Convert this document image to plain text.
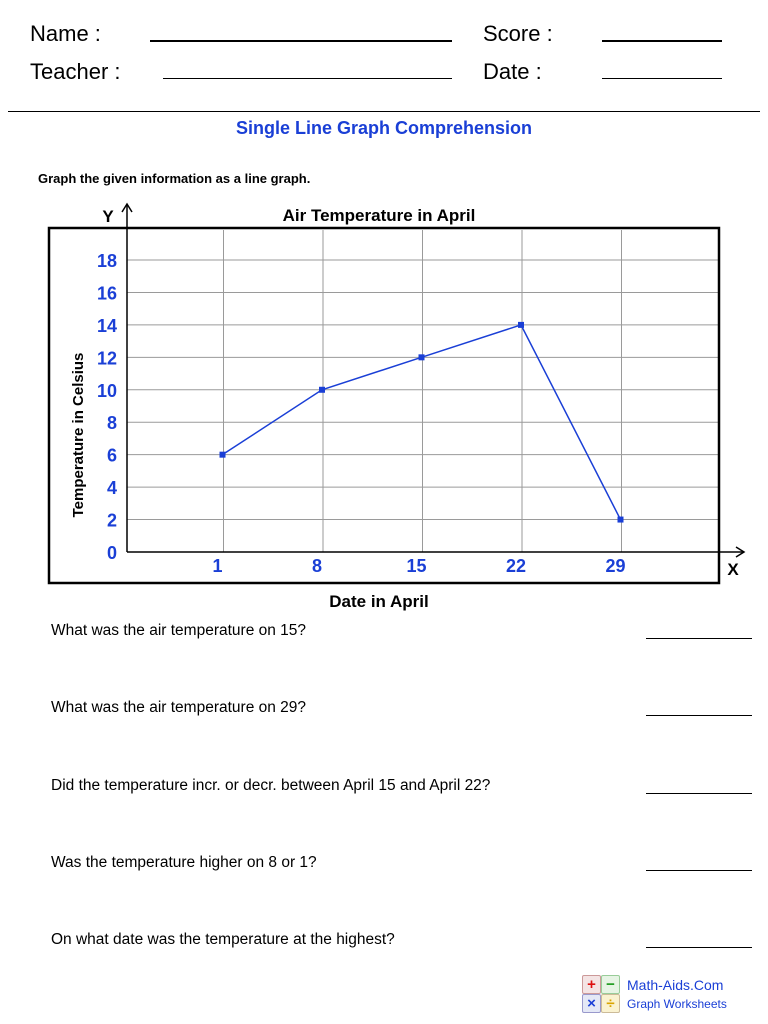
Name :
Teacher :
Score :
Date :
Single Line Graph Comprehension
Graph the given information as a line graph.
Air Temperature in April
Y
X
Date in April
Temperature in Celsius
0
2
4
6
8
10
12
14
16
18
1	8	15	22	29
What was the air temperature on 15?
What was the air temperature on 29?
Did the temperature incr. or decr. between April 15 and April 22?
Was the temperature higher on 8 or 1?
On what date was the temperature at the highest?
+ −
× ÷
Math-Aids.Com
Graph Worksheets
